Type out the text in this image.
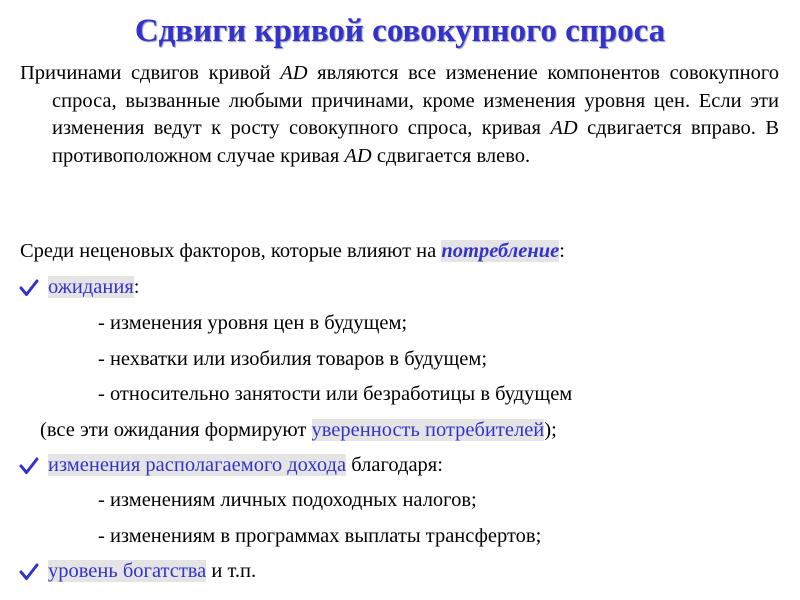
Сдвиги кривой совокупного спроса

Причинами сдвигов кривой AD являются все изменение компонентов совокупного спроса, вызванные любыми причинами, кроме изменения уровня цен. Если эти изменения ведут к росту совокупного спроса, кривая AD сдвигается вправо. В противоположном случае кривая AD сдвигается влево.

Среди неценовых факторов, которые влияют на потребление:

ожидания:

- изменения уровня цен в будущем;

- нехватки или изобилия товаров в будущем;

- относительно занятости или безработицы в будущем

(все эти ожидания формируют уверенность потребителей);

изменения располагаемого дохода благодаря:

- изменениям личных подоходных налогов;

- изменениям в программах выплаты трансфертов;

уровень богатства и т.п.
